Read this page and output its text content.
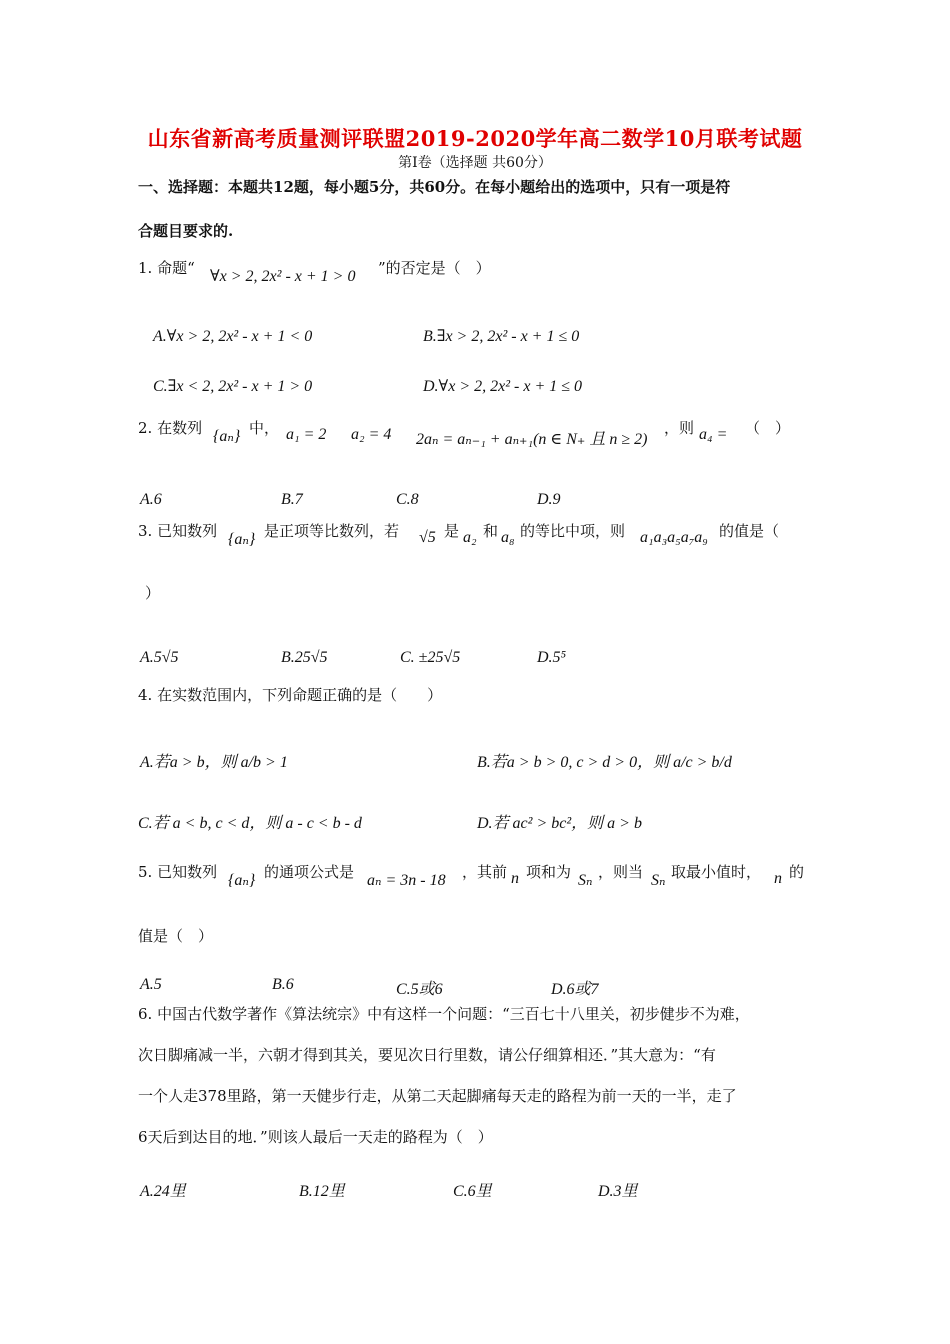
山东省新高考质量测评联盟2019-2020学年高二数学10月联考试题
第Ⅰ卷（选择题 共60分）
一、选择题：本题共12题，每小题5分，共60分。在每小题给出的选项中，只有一项是符
合题目要求的.
1. 命题“ ∀x > 2, 2x² - x + 1 > 0 ”的否定是（　）
A.∀x > 2, 2x² - x + 1 < 0	B.∃x > 2, 2x² - x + 1 ≤ 0
C.∃x < 2, 2x² - x + 1 > 0	D.∀x > 2, 2x² - x + 1 ≤ 0
2. 在数列 {aₙ} 中， a₁ = 2 a₂ = 4 2aₙ = aₙ₋₁ + aₙ₊₁(n ∈ N₊ 且 n ≥ 2)
，则 a₄ = （　）
A.6	B.7	C.8	D.9
3. 已知数列 {aₙ} 是正项等比数列，若 √5 是 a₂ 和 a₈ 的等比中项，则 a₁a₃a₅a₇a₉ 的值是（
）
A.5√5	B.25√5	C. ±25√5	D.5⁵
4. 在实数范围内，下列命题正确的是（　　）
A.若a > b，则 a/b > 1	B.若a > b > 0, c > d > 0，则 a/c > b/d
C.若 a < b, c < d，则 a - c < b - d	D.若 ac² > bc²，则 a > b
5. 已知数列 {aₙ} 的通项公式是 aₙ = 3n - 18 ，其前 n 项和为 Sₙ ，则当 Sₙ 取最小值时， n 的
值是（　）
A.5	B.6	C.5或6	D.6或7
6. 中国古代数学著作《算法统宗》中有这样一个问题：“三百七十八里关，初步健步不为难，
次日脚痛减一半，六朝才得到其关，要见次日行里数，请公仔细算相还．”其大意为：“有
一个人走378里路，第一天健步行走，从第二天起脚痛每天走的路程为前一天的一半，走了
6天后到达目的地．”则该人最后一天走的路程为（　）
A.24里	B.12里	C.6里	D.3里
